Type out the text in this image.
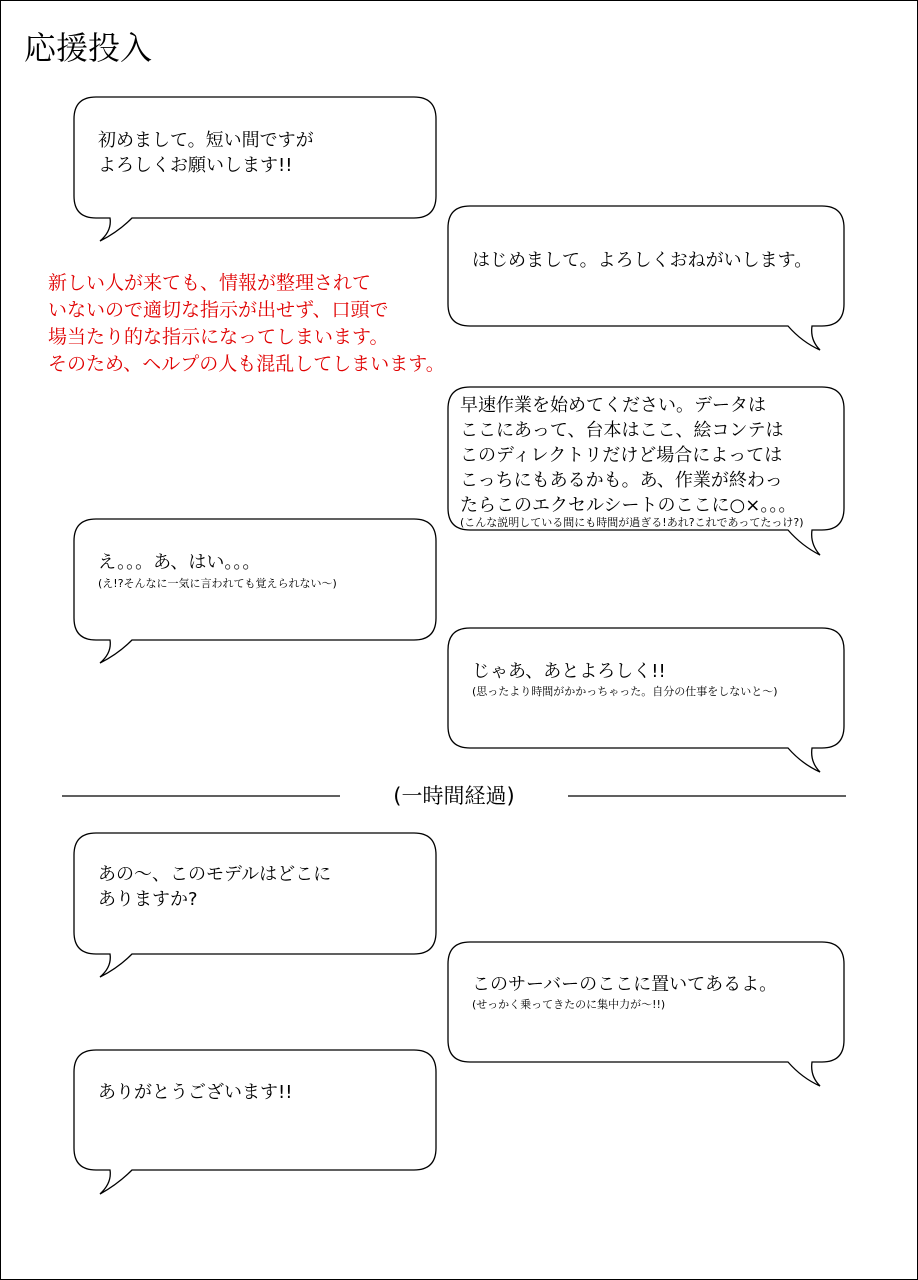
応援投入
新しい人が来ても、情報が整理されて
いないので適切な指示が出せず、口頭で
場当たり的な指示になってしまいます。
そのため、ヘルプの人も混乱してしまいます。
初めまして。短い間ですが
よろしくお願いします!!
はじめまして。よろしくおねがいします。
早速作業を始めてください。データは
ここにあって、台本はここ、絵コンテは
このディレクトリだけど場合によっては
こっちにもあるかも。あ、作業が終わっ
たらこのエクセルシートのここに○×。。。
(こんな説明している間にも時間が過ぎる!あれ?これであってたっけ?)
え。。。あ、はい。。。
(え!?そんなに一気に言われても覚えられない～)
じゃあ、あとよろしく!!
(思ったより時間がかかっちゃった。自分の仕事をしないと～)
(一時間経過)
あの～、このモデルはどこに
ありますか?
このサーバーのここに置いてあるよ。
(せっかく乗ってきたのに集中力が～!!)
ありがとうございます!!
